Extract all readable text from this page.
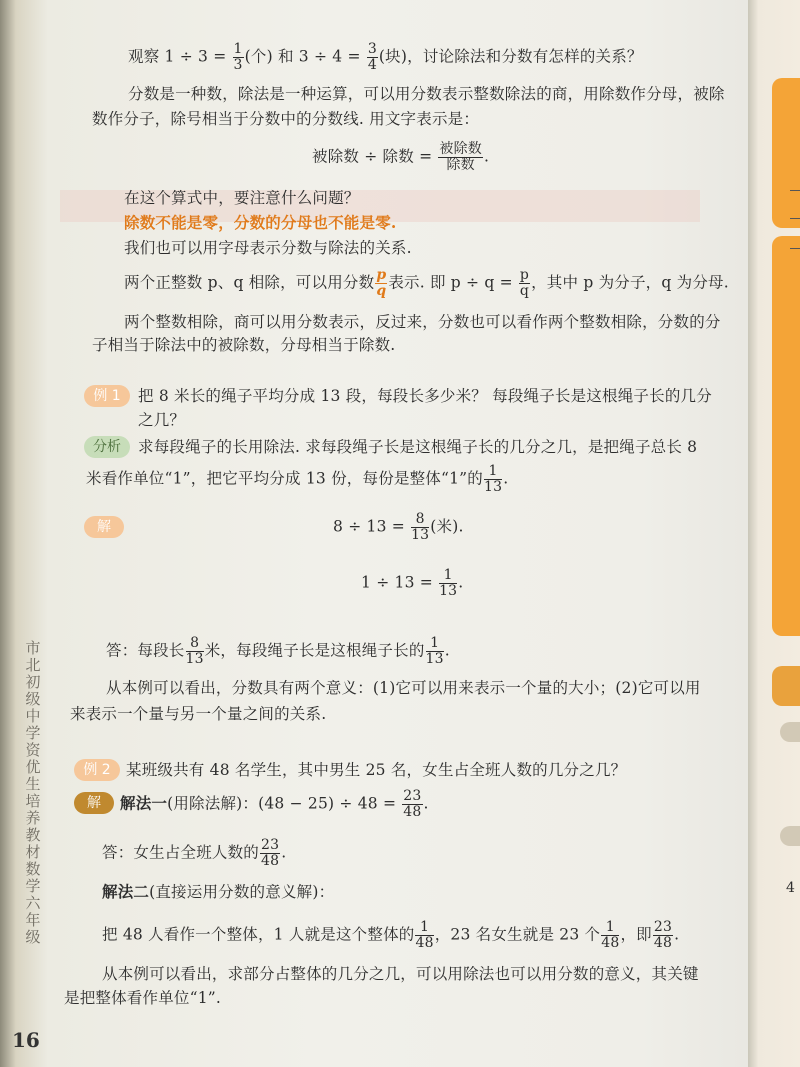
4
市北初级中学资优生培养教材 数学 六年级
16
观察 $1 \div 3 = \frac{1}{3}$ (个) 和 $3 \div 4 = \frac{3}{4}$ (块)，讨论除法和分数有怎样的关系？
分数是一种数，除法是一种运算，可以用分数表示整数除法的商，用除数作分母，被除
数作分子，除号相当于分数中的分数线. 用文字表示是：
被除数 ÷ 除数 = $\frac{\text{被除数}}{\text{除数}}$ .
在这个算式中，要注意什么问题？
除数不能是零，分数的分母也不能是零.
我们也可以用字母表示分数与除法的关系.
两个正整数 p、q 相除，可以用分数 $\frac{p}{q}$ 表示. 即 $p \div q = \frac{p}{q}$ ，其中 p 为分子，q 为分母.
两个整数相除，商可以用分数表示，反过来，分数也可以看作两个整数相除，分数的分
子相当于除法中的被除数，分母相当于除数.
例 1	把 8 米长的绳子平均分成 13 段，每段长多少米？ 每段绳子长是这根绳子长的几分
之几？
分析	求每段绳子的长用除法. 求每段绳子长是这根绳子长的几分之几，是把绳子总长 8
米看作单位“1”，把它平均分成 13 份，每份是整体“1”的 $\frac{1}{13}$ .
解	$8 \div 13 = \frac{8}{13}$ (米).
$1 \div 13 = \frac{1}{13}$ .
答：每段长 $\frac{8}{13}$ 米，每段绳子长是这根绳子长的 $\frac{1}{13}$ .
从本例可以看出，分数具有两个意义：(1)它可以用来表示一个量的大小；(2)它可以用
来表示一个量与另一个量之间的关系.
例 2 某班级共有 48 名学生，其中男生 25 名，女生占全班人数的几分之几？
解	解法一(用除法解)：$(48 - 25) \div 48 = \frac{23}{48}$ .
答：女生占全班人数的 $\frac{23}{48}$ .
解法二(直接运用分数的意义解)：
把 48 人看作一个整体，1 人就是这个整体的 $\frac{1}{48}$ ，23 名女生就是 23 个 $\frac{1}{48}$ ，即 $\frac{23}{48}$ .
从本例可以看出，求部分占整体的几分之几，可以用除法也可以用分数的意义，其关键
是把整体看作单位“1”.
